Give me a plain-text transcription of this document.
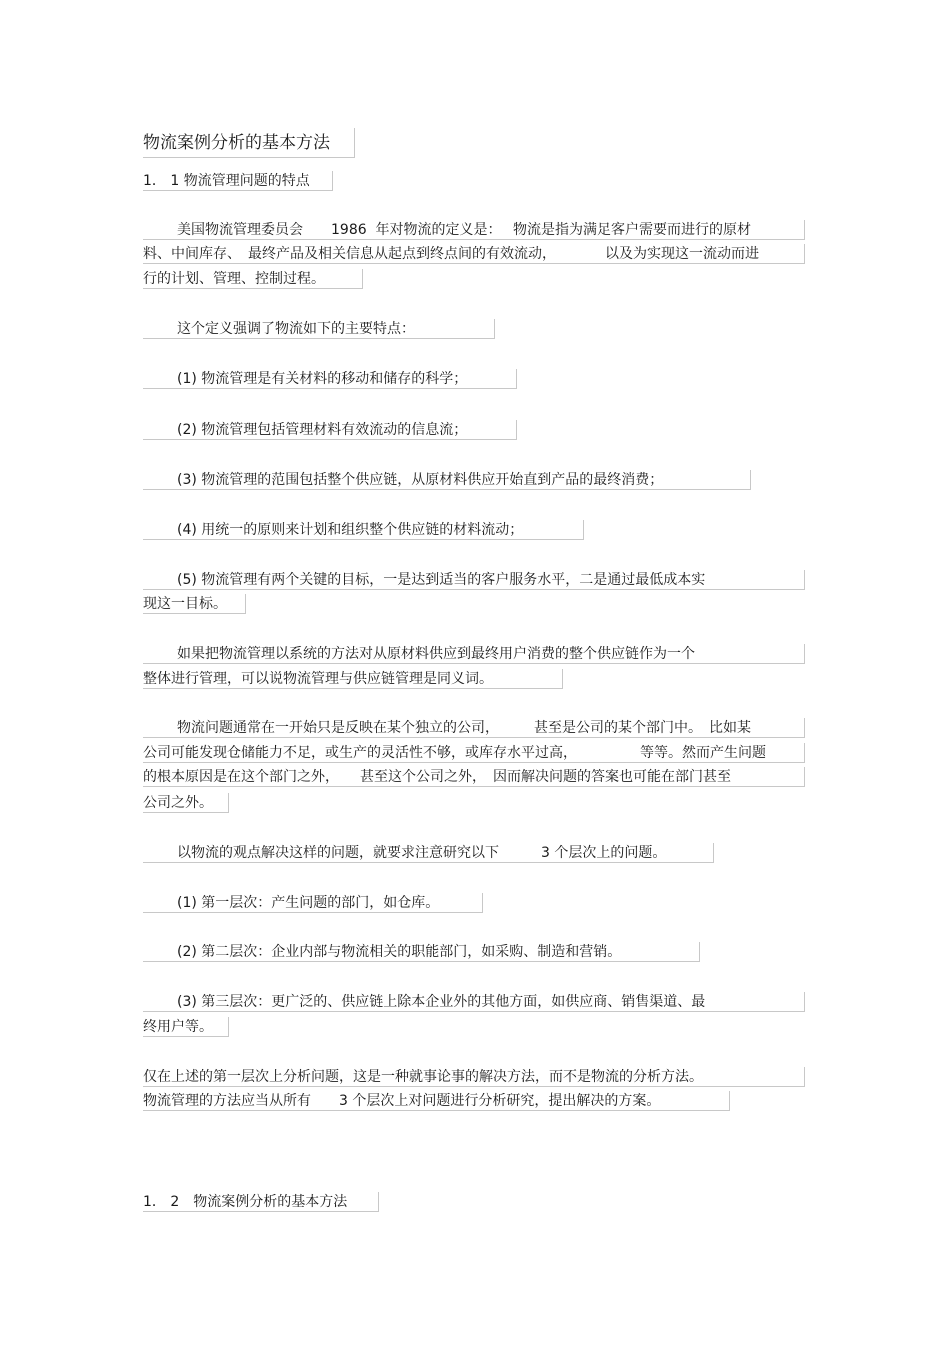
物流案例分析的基本方法
1． 1 物流管理问题的特点
美国物流管理委员会　　1986  年对物流的定义是：　 物流是指为满足客户需要而进行的原材
料、中间库存、　最终产品及相关信息从起点到终点间的有效流动，　　　　以及为实现这一流动而进
行的计划、管理、控制过程。
这个定义强调了物流如下的主要特点：
(1) 物流管理是有关材料的移动和储存的科学；
(2) 物流管理包括管理材料有效流动的信息流；
(3) 物流管理的范围包括整个供应链，从原材料供应开始直到产品的最终消费；
(4) 用统一的原则来计划和组织整个供应链的材料流动；
(5) 物流管理有两个关键的目标，一是达到适当的客户服务水平，二是通过最低成本实
现这一目标。
如果把物流管理以系统的方法对从原材料供应到最终用户消费的整个供应链作为一个
整体进行管理，可以说物流管理与供应链管理是同义词。
物流问题通常在一开始只是反映在某个独立的公司，　　　甚至是公司的某个部门中。　比如某
公司可能发现仓储能力不足，或生产的灵活性不够，或库存水平过高，　　　　　等等。然而产生问题
的根本原因是在这个部门之外，　　甚至这个公司之外，　因而解决问题的答案也可能在部门甚至
公司之外。
以物流的观点解决这样的问题，就要求注意研究以下　　　3 个层次上的问题。
(1) 第一层次：产生问题的部门，如仓库。
(2) 第二层次：企业内部与物流相关的职能部门，如采购、制造和营销。
(3) 第三层次：更广泛的、供应链上除本企业外的其他方面，如供应商、销售渠道、最
终用户等。
仅在上述的第一层次上分析问题，这是一种就事论事的解决方法，而不是物流的分析方法。
物流管理的方法应当从所有　　3 个层次上对问题进行分析研究，提出解决的方案。
1． 2　物流案例分析的基本方法
